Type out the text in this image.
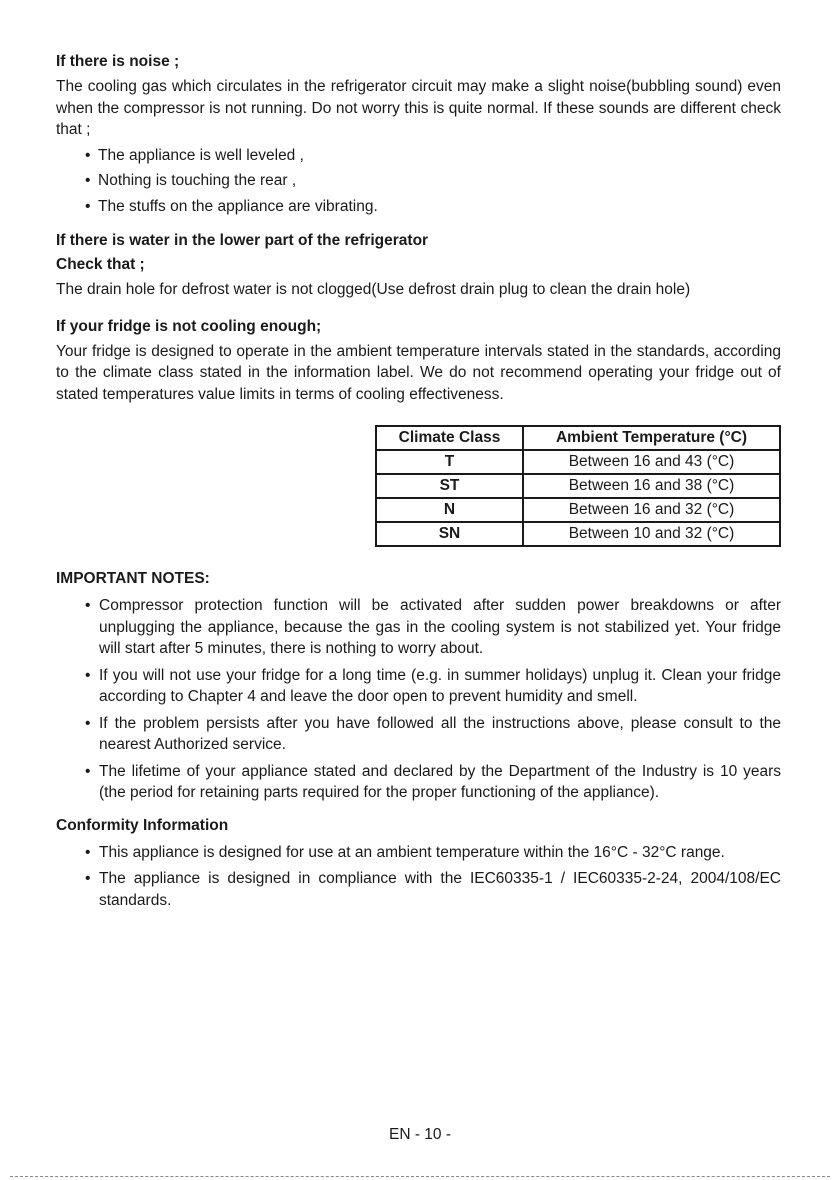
If there is noise ;

The cooling gas which circulates in the refrigerator circuit may make a slight noise(bubbling sound) even when the compressor is not running. Do not worry this is quite normal. If these sounds are different check that ;

• The appliance is well leveled ,
• Nothing is touching the rear ,
• The stuffs on the appliance are vibrating.

If there is water in the lower part of the refrigerator

Check that ;

The drain hole for defrost water is not clogged(Use defrost drain plug to clean the drain hole)

If your fridge is not cooling enough;

Your fridge is designed to operate in the ambient temperature intervals stated in the standards, according to the climate class stated in the information label. We do not recommend operating your fridge out of stated temperatures value limits in terms of cooling effectiveness.

Climate Class	Ambient Temperature (°C)
T	Between 16 and 43 (°C)
ST	Between 16 and 38 (°C)
N	Between 16 and 32 (°C)
SN	Between 10 and 32 (°C)

IMPORTANT NOTES:

• Compressor protection function will be activated after sudden power breakdowns or after unplugging the appliance, because the gas in the cooling system is not stabilized yet. Your fridge will start after 5 minutes, there is nothing to worry about.
• If you will not use your fridge for a long time (e.g. in summer holidays) unplug it. Clean your fridge according to Chapter 4 and leave the door open to prevent humidity and smell.
• If the problem persists after you have followed all the instructions above, please consult to the nearest Authorized service.
• The lifetime of your appliance stated and declared by the Department of the Industry is 10 years (the period for retaining parts required for the proper functioning of the appliance).

Conformity Information

• This appliance is designed for use at an ambient temperature within the 16°C - 32°C range.
• The appliance is designed in compliance with the IEC60335-1 / IEC60335-2-24, 2004/108/EC standards.
EN - 10 -
